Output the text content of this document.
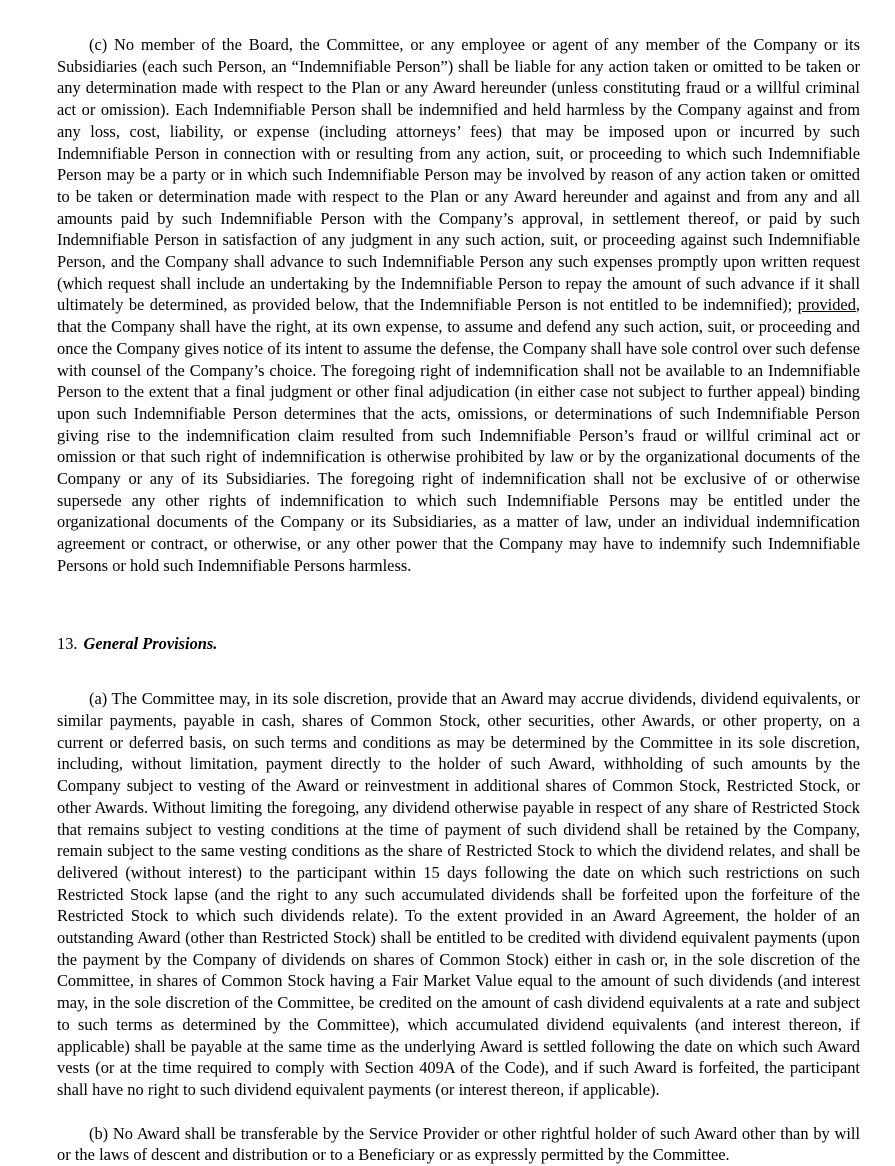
(c) No member of the Board, the Committee, or any employee or agent of any member of the Company or its Subsidiaries (each such Person, an “Indemnifiable Person”) shall be liable for any action taken or omitted to be taken or any determination made with respect to the Plan or any Award hereunder (unless constituting fraud or a willful criminal act or omission). Each Indemnifiable Person shall be indemnified and held harmless by the Company against and from any loss, cost, liability, or expense (including attorneys’ fees) that may be imposed upon or incurred by such Indemnifiable Person in connection with or resulting from any action, suit, or proceeding to which such Indemnifiable Person may be a party or in which such Indemnifiable Person may be involved by reason of any action taken or omitted to be taken or determination made with respect to the Plan or any Award hereunder and against and from any and all amounts paid by such Indemnifiable Person with the Company’s approval, in settlement thereof, or paid by such Indemnifiable Person in satisfaction of any judgment in any such action, suit, or proceeding against such Indemnifiable Person, and the Company shall advance to such Indemnifiable Person any such expenses promptly upon written request (which request shall include an undertaking by the Indemnifiable Person to repay the amount of such advance if it shall ultimately be determined, as provided below, that the Indemnifiable Person is not entitled to be indemnified); provided, that the Company shall have the right, at its own expense, to assume and defend any such action, suit, or proceeding and once the Company gives notice of its intent to assume the defense, the Company shall have sole control over such defense with counsel of the Company’s choice. The foregoing right of indemnification shall not be available to an Indemnifiable Person to the extent that a final judgment or other final adjudication (in either case not subject to further appeal) binding upon such Indemnifiable Person determines that the acts, omissions, or determinations of such Indemnifiable Person giving rise to the indemnification claim resulted from such Indemnifiable Person’s fraud or willful criminal act or omission or that such right of indemnification is otherwise prohibited by law or by the organizational documents of the Company or any of its Subsidiaries. The foregoing right of indemnification shall not be exclusive of or otherwise supersede any other rights of indemnification to which such Indemnifiable Persons may be entitled under the organizational documents of the Company or its Subsidiaries, as a matter of law, under an individual indemnification agreement or contract, or otherwise, or any other power that the Company may have to indemnify such Indemnifiable Persons or hold such Indemnifiable Persons harmless.

13. General Provisions.

(a) The Committee may, in its sole discretion, provide that an Award may accrue dividends, dividend equivalents, or similar payments, payable in cash, shares of Common Stock, other securities, other Awards, or other property, on a current or deferred basis, on such terms and conditions as may be determined by the Committee in its sole discretion, including, without limitation, payment directly to the holder of such Award, withholding of such amounts by the Company subject to vesting of the Award or reinvestment in additional shares of Common Stock, Restricted Stock, or other Awards. Without limiting the foregoing, any dividend otherwise payable in respect of any share of Restricted Stock that remains subject to vesting conditions at the time of payment of such dividend shall be retained by the Company, remain subject to the same vesting conditions as the share of Restricted Stock to which the dividend relates, and shall be delivered (without interest) to the participant within 15 days following the date on which such restrictions on such Restricted Stock lapse (and the right to any such accumulated dividends shall be forfeited upon the forfeiture of the Restricted Stock to which such dividends relate). To the extent provided in an Award Agreement, the holder of an outstanding Award (other than Restricted Stock) shall be entitled to be credited with dividend equivalent payments (upon the payment by the Company of dividends on shares of Common Stock) either in cash or, in the sole discretion of the Committee, in shares of Common Stock having a Fair Market Value equal to the amount of such dividends (and interest may, in the sole discretion of the Committee, be credited on the amount of cash dividend equivalents at a rate and subject to such terms as determined by the Committee), which accumulated dividend equivalents (and interest thereon, if applicable) shall be payable at the same time as the underlying Award is settled following the date on which such Award vests (or at the time required to comply with Section 409A of the Code), and if such Award is forfeited, the participant shall have no right to such dividend equivalent payments (or interest thereon, if applicable).

(b) No Award shall be transferable by the Service Provider or other rightful holder of such Award other than by will or the laws of descent and distribution or to a Beneficiary or as expressly permitted by the Committee.
